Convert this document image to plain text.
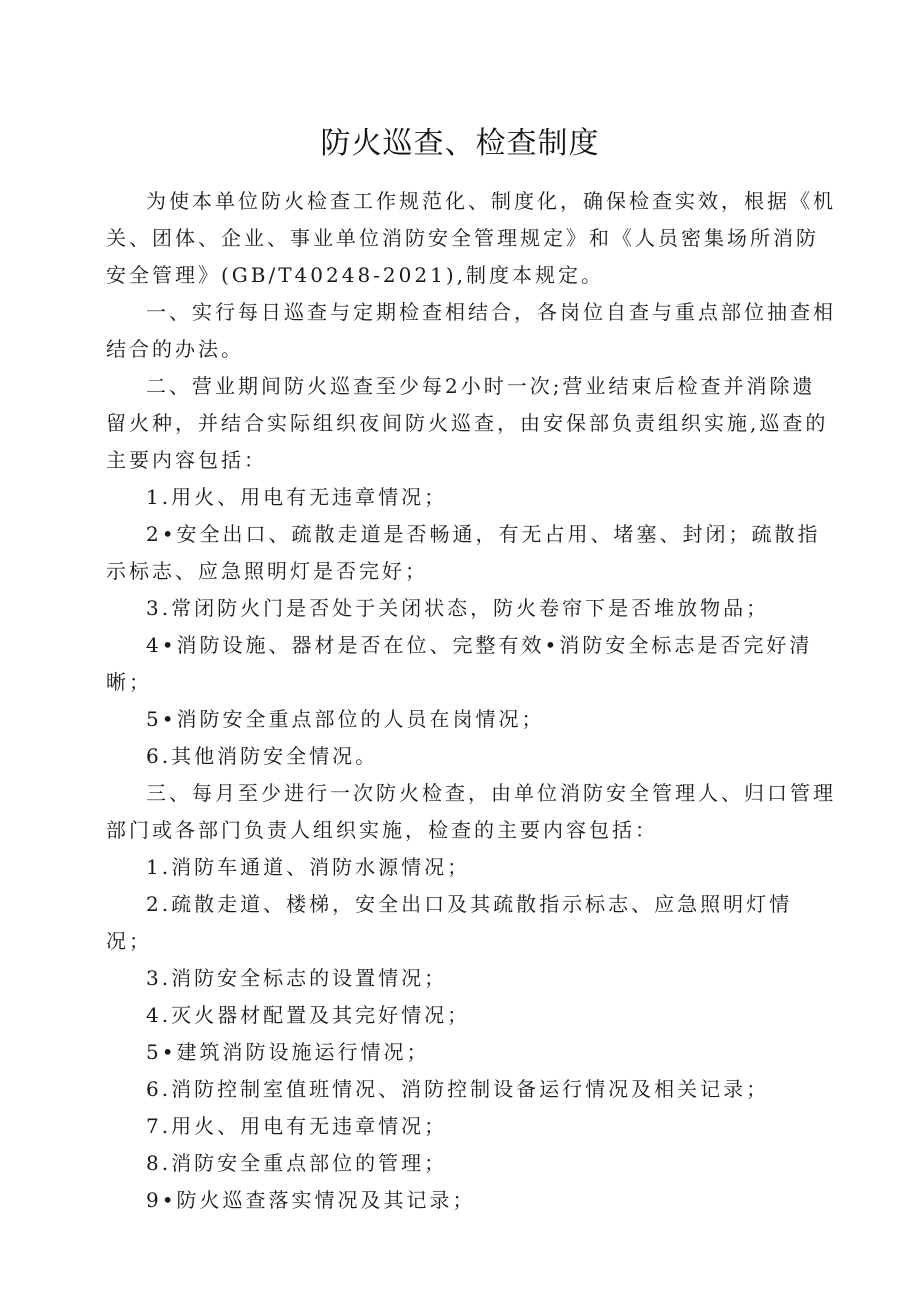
防火巡查、检查制度

为使本单位防火检查工作规范化、制度化，确保检查实效，根据《机关、团体、企业、事业单位消防安全管理规定》和《人员密集场所消防安全管理》(GB/T40248-2021),制度本规定。

一、实行每日巡查与定期检查相结合，各岗位自查与重点部位抽查相结合的办法。

二、营业期间防火巡查至少每2小时一次;营业结束后检查并消除遗留火种，并结合实际组织夜间防火巡查，由安保部负责组织实施,巡查的主要内容包括：

1.用火、用电有无违章情况；

2•安全出口、疏散走道是否畅通，有无占用、堵塞、封闭；疏散指示标志、应急照明灯是否完好；

3.常闭防火门是否处于关闭状态，防火卷帘下是否堆放物品；

4•消防设施、器材是否在位、完整有效•消防安全标志是否完好清晰；

5•消防安全重点部位的人员在岗情况；

6.其他消防安全情况。

三、每月至少进行一次防火检查，由单位消防安全管理人、归口管理部门或各部门负责人组织实施，检查的主要内容包括：

1.消防车通道、消防水源情况；

2.疏散走道、楼梯，安全出口及其疏散指示标志、应急照明灯情况；

3.消防安全标志的设置情况；

4.灭火器材配置及其完好情况；

5•建筑消防设施运行情况；

6.消防控制室值班情况、消防控制设备运行情况及相关记录；

7.用火、用电有无违章情况；

8.消防安全重点部位的管理；

9•防火巡查落实情况及其记录；
